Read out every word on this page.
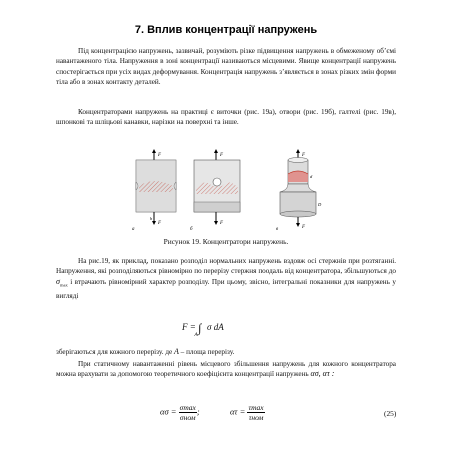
7. Вплив концентрації напружень

Під концентрацією напружень, зазвичай, розуміють різке підвищення напружень в обмеженому об’ємі навантаженого тіла. Напруження в зоні концентрації називаються місцевими. Явище концентрації напружень спостерігається при усіх видах деформування. Концентрація напружень з’являється в зонах різких змін форми тіла або в зонах контакту деталей.

Концентраторами напружень на практиці є виточки (рис. 19а), отвори (рис. 19б), галтелі (рис. 19в), шпонкові та шліцьові канавки, нарізки на поверхні та інше.

a
F
F
h
б
F
F
в
F
F
d
D
Рисунок 19. Концентратори напружень.

На рис.19, як приклад, показано розподіл нормальних напружень вздовж осі стержнів при розтяганні. Напруження, які розподіляються рівномірно по перерізу стержня поодаль від концентратора, збільшуються до $\sigma_{max}$ і втрачають рівномірний характер розподілу. При цьому, звісно, інтегральні показники для напружень у вигляді

$F = \int_A$ σ dA

зберігаються для кожного перерізу. де A – площа перерізу.

При статичному навантаженні рівень місцевого збільшення напружень для кожного концентратора можна врахувати за допомогою теоретичного коефіцієнта концентрації напружень ασ, ατ :

$\alpha\sigma = \frac{\sigma\max}{\text{σном}}$ ;	$\alpha\tau = \frac{\tau\max}{\text{τном}}$	(25)
